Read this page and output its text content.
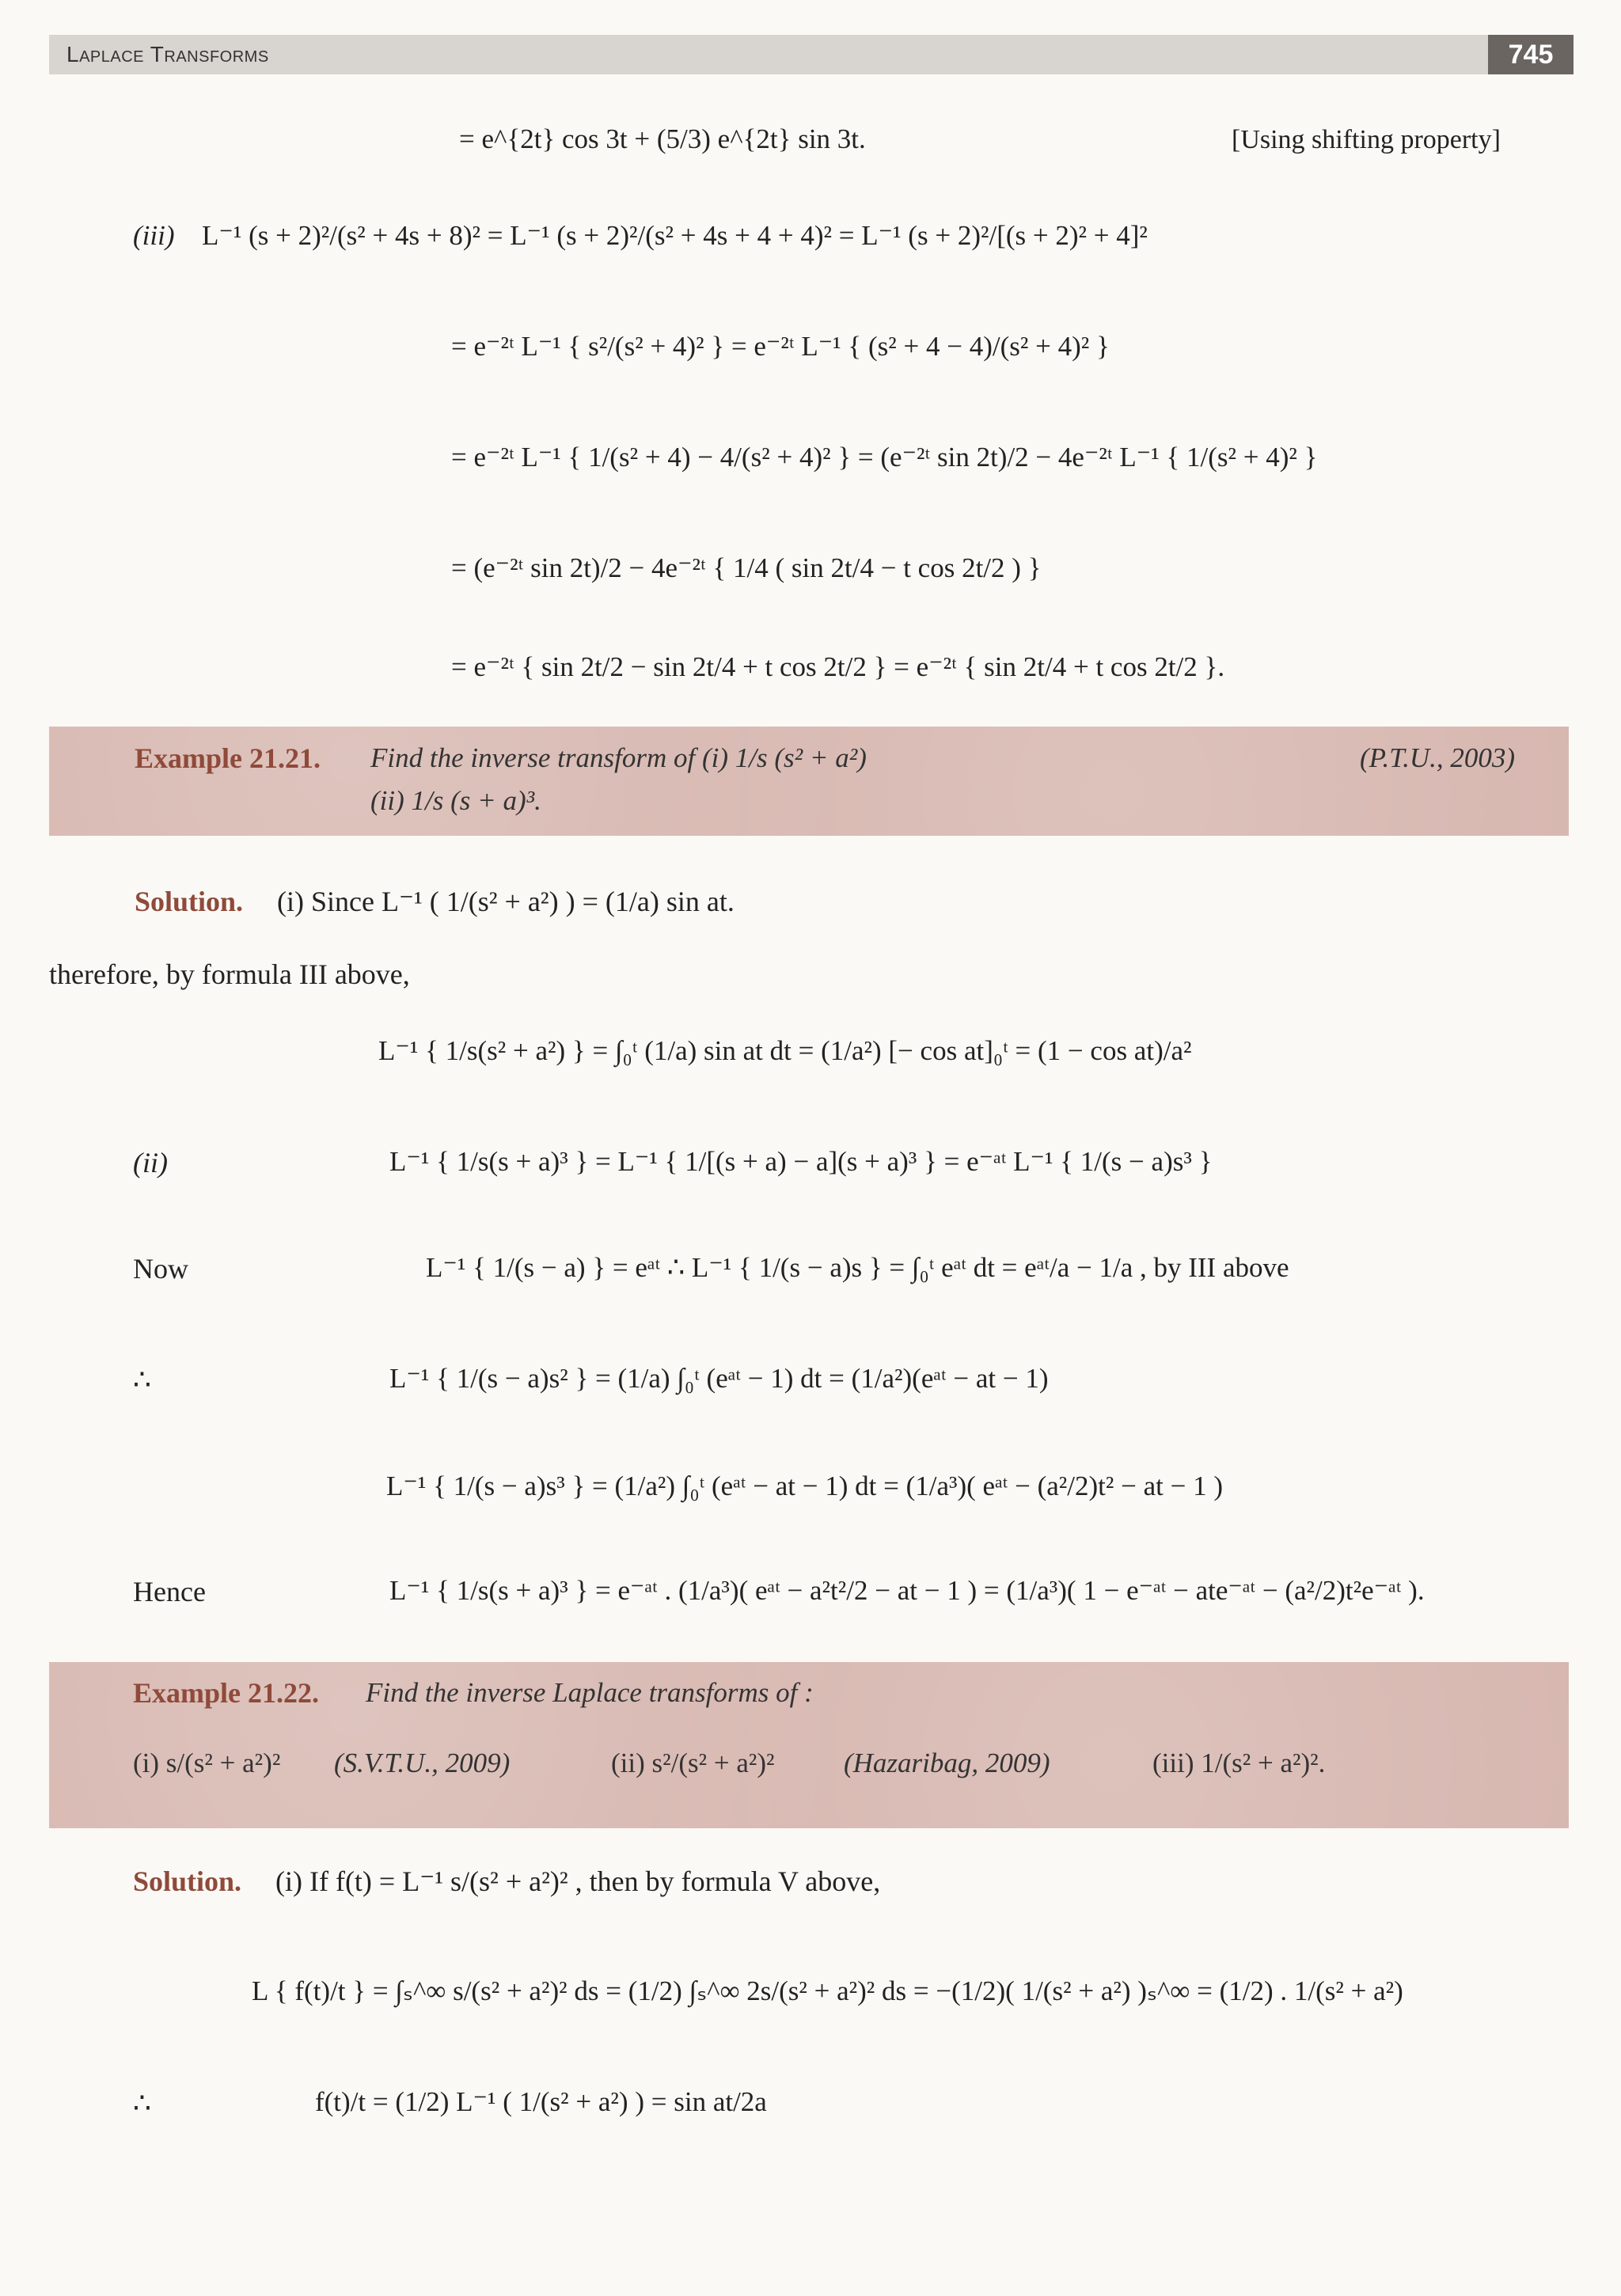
Laplace Transforms	745
= e^{2t} cos 3t + (5/3) e^{2t} sin 3t.	[Using shifting property]
(iii) L⁻¹ (s + 2)²/(s² + 4s + 8)² = L⁻¹ (s + 2)²/(s² + 4s + 4 + 4)² = L⁻¹ (s + 2)²/[(s + 2)² + 4]²
= e⁻²ᵗ L⁻¹ { s²/(s² + 4)² } = e⁻²ᵗ L⁻¹ { (s² + 4 − 4)/(s² + 4)² }
= e⁻²ᵗ L⁻¹ { 1/(s² + 4) − 4/(s² + 4)² } = (e⁻²ᵗ sin 2t)/2 − 4e⁻²ᵗ L⁻¹ { 1/(s² + 4)² }
= (e⁻²ᵗ sin 2t)/2 − 4e⁻²ᵗ { 1/4 ( sin 2t/4 − t cos 2t/2 ) }
= e⁻²ᵗ { sin 2t/2 − sin 2t/4 + t cos 2t/2 } = e⁻²ᵗ { sin 2t/4 + t cos 2t/2 }.
Example 21.21. Find the inverse transform of (i) 1/s (s² + a²)
(ii) 1/s (s + a)³.
(P.T.U., 2003)
Solution. (i) Since L⁻¹ ( 1/(s² + a²) ) = (1/a) sin at.
therefore, by formula III above,
L⁻¹ { 1/s(s² + a²) } = ∫₀ᵗ (1/a) sin at dt = (1/a²) [− cos at]₀ᵗ = (1 − cos at)/a²
(ii)	L⁻¹ { 1/s(s + a)³ } = L⁻¹ { 1/[(s + a) − a](s + a)³ } = e⁻ᵃᵗ L⁻¹ { 1/(s − a)s³ }
Now	L⁻¹ { 1/(s − a) } = eᵃᵗ ∴ L⁻¹ { 1/(s − a)s } = ∫₀ᵗ eᵃᵗ dt = eᵃᵗ/a − 1/a , by III above
∴	L⁻¹ { 1/(s − a)s² } = (1/a) ∫₀ᵗ (eᵃᵗ − 1) dt = (1/a²)(eᵃᵗ − at − 1)
L⁻¹ { 1/(s − a)s³ } = (1/a²) ∫₀ᵗ (eᵃᵗ − at − 1) dt = (1/a³)( eᵃᵗ − (a²/2)t² − at − 1 )
Hence	L⁻¹ { 1/s(s + a)³ } = e⁻ᵃᵗ . (1/a³)( eᵃᵗ − a²t²/2 − at − 1 ) = (1/a³)( 1 − e⁻ᵃᵗ − ate⁻ᵃᵗ − (a²/2)t²e⁻ᵃᵗ ).
Example 21.22. Find the inverse Laplace transforms of :
(i) s/(s² + a²)² (S.V.T.U., 2009)	(ii) s²/(s² + a²)² (Hazaribag, 2009)	(iii) 1/(s² + a²)².
Solution. (i) If f(t) = L⁻¹ s/(s² + a²)² , then by formula V above,
L { f(t)/t } = ∫ₛ^∞ s/(s² + a²)² ds = (1/2) ∫ₛ^∞ 2s/(s² + a²)² ds = −(1/2)( 1/(s² + a²) )ₛ^∞ = (1/2) . 1/(s² + a²)
∴	f(t)/t = (1/2) L⁻¹ ( 1/(s² + a²) ) = sin at/2a
